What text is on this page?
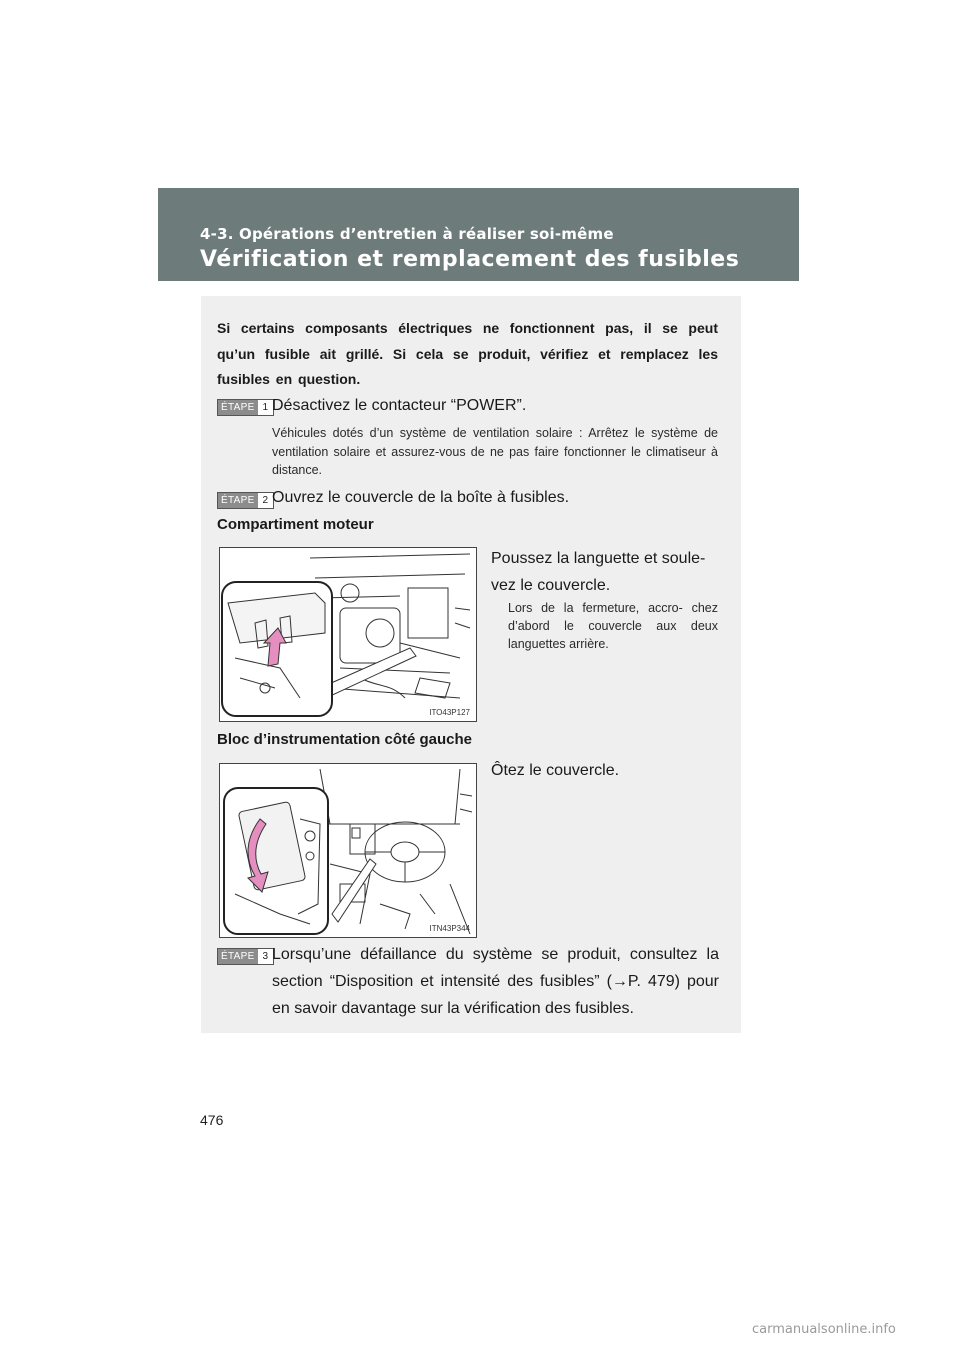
4-3. Opérations d’entretien à réaliser soi-même
Vérification et remplacement des fusibles
Si certains composants électriques ne fonctionnent pas, il se peut qu’un fusible ait grillé. Si cela se produit, vérifiez et remplacez les fusibles en question.
ÉTAPE 1 Désactivez le contacteur “POWER”.
Véhicules dotés d’un système de ventilation solaire : Arrêtez le système de ventilation solaire et assurez-vous de ne pas faire fonctionner le climatiseur à distance.
ÉTAPE 2 Ouvrez le couvercle de la boîte à fusibles.
Compartiment moteur
ITO43P127
Poussez la languette et soule- vez le couvercle.
Lors de la fermeture, accro- chez d’abord le couvercle aux deux languettes arrière.
Bloc d’instrumentation côté gauche
ITN43P344
Ôtez le couvercle.
ÉTAPE 3 Lorsqu’une défaillance du système se produit, consultez la section “Disposition et intensité des fusibles” (→P. 479) pour en savoir davantage sur la vérification des fusibles.
476
carmanualsonline.info
